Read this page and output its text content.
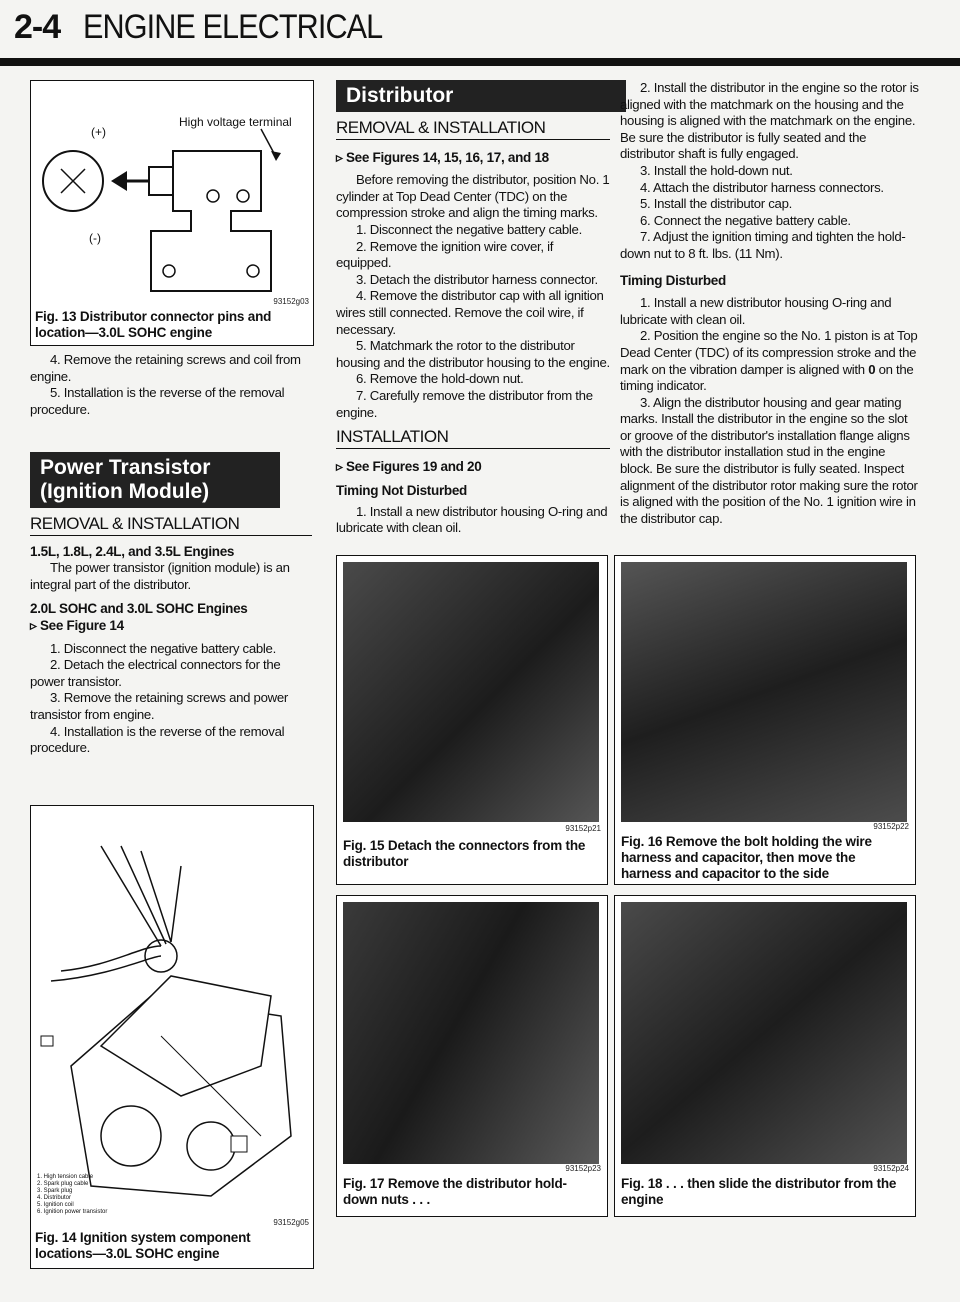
2-4 ENGINE ELECTRICAL
High voltage terminal
(+)
(-)
93152g03
Fig. 13 Distributor connector pins and location—3.0L SOHC engine

4. Remove the retaining screws and coil from engine.

5. Installation is the reverse of the removal procedure.

Power Transistor (Ignition Module)
REMOVAL & INSTALLATION

1.5L, 1.8L, 2.4L, and 3.5L Engines

The power transistor (ignition module) is an integral part of the distributor.

2.0L SOHC and 3.0L SOHC Engines

▹ See Figure 14

1. Disconnect the negative battery cable.

2. Detach the electrical connectors for the power transistor.

3. Remove the retaining screws and power transistor from engine.

4. Installation is the reverse of the removal procedure.

1. High tension cable
2. Spark plug cable
3. Spark plug
4. Distributor
5. Ignition coil
6. Ignition power transistor
93152g05
Fig. 14 Ignition system component locations—3.0L SOHC engine
Distributor
REMOVAL & INSTALLATION

▹ See Figures 14, 15, 16, 17, and 18

Before removing the distributor, position No. 1 cylinder at Top Dead Center (TDC) on the compression stroke and align the timing marks.

1. Disconnect the negative battery cable.

2. Remove the ignition wire cover, if equipped.

3. Detach the distributor harness connector.

4. Remove the distributor cap with all ignition wires still connected. Remove the coil wire, if necessary.

5. Matchmark the rotor to the distributor housing and the distributor housing to the engine.

6. Remove the hold-down nut.

7. Carefully remove the distributor from the engine.

INSTALLATION

▹ See Figures 19 and 20

Timing Not Disturbed

1. Install a new distributor housing O-ring and lubricate with clean oil.

2. Install the distributor in the engine so the rotor is aligned with the matchmark on the housing and the housing is aligned with the matchmark on the engine. Be sure the distributor is fully seated and the distributor shaft is fully engaged.

3. Install the hold-down nut.

4. Attach the distributor harness connectors.

5. Install the distributor cap.

6. Connect the negative battery cable.

7. Adjust the ignition timing and tighten the hold-down nut to 8 ft. lbs. (11 Nm).

Timing Disturbed

1. Install a new distributor housing O-ring and lubricate with clean oil.

2. Position the engine so the No. 1 piston is at Top Dead Center (TDC) of its compression stroke and the mark on the vibration damper is aligned with 0 on the timing indicator.

3. Align the distributor housing and gear mating marks. Install the distributor in the engine so the slot or groove of the distributor's installation flange aligns with the distributor installation stud in the engine block. Be sure the distributor is fully seated. Inspect alignment of the distributor rotor making sure the rotor is aligned with the position of the No. 1 ignition wire in the distributor cap.

93152p21
Fig. 15 Detach the connectors from the distributor
93152p22
Fig. 16 Remove the bolt holding the wire harness and capacitor, then move the harness and capacitor to the side
93152p23
Fig. 17 Remove the distributor hold-down nuts . . .
93152p24
Fig. 18 . . . then slide the distributor from the engine
